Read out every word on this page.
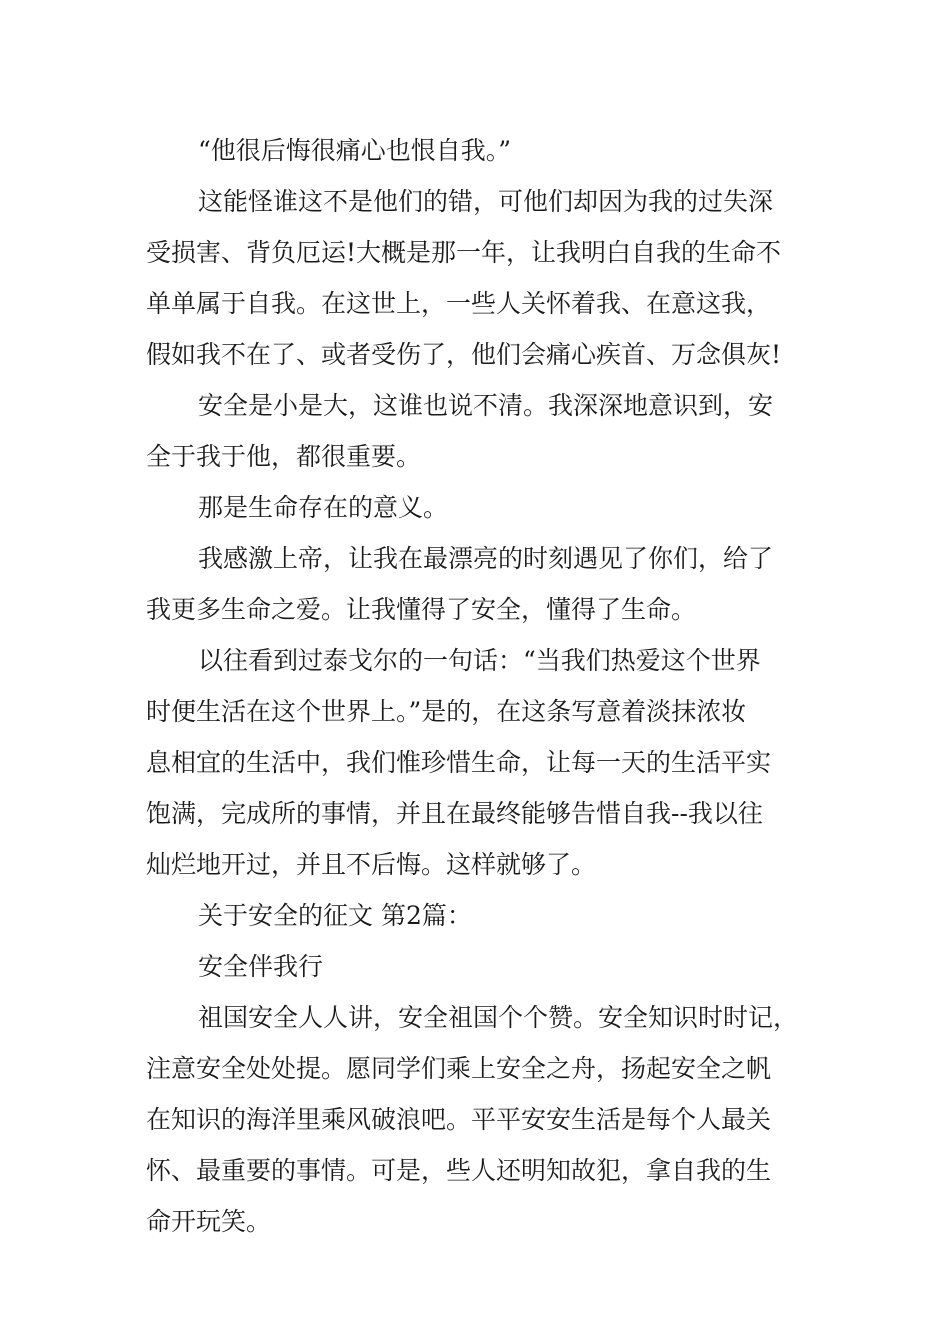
“他很后悔很痛心也恨自我。”
这能怪谁这不是他们的错，可他们却因为我的过失深
受损害、背负厄运!大概是那一年，让我明白自我的生命不
单单属于自我。在这世上，一些人关怀着我、在意这我，
假如我不在了、或者受伤了，他们会痛心疾首、万念俱灰!
安全是小是大，这谁也说不清。我深深地意识到，安
全于我于他，都很重要。
那是生命存在的意义。
我感激上帝，让我在最漂亮的时刻遇见了你们，给了
我更多生命之爱。让我懂得了安全，懂得了生命。
以往看到过泰戈尔的一句话：“当我们热爱这个世界
时便生活在这个世界上。”是的，在这条写意着淡抹浓妆
息相宜的生活中，我们惟珍惜生命，让每一天的生活平实
饱满，完成所的事情，并且在最终能够告惜自我--我以往
灿烂地开过，并且不后悔。这样就够了。
关于安全的征文 第2篇：
安全伴我行
祖国安全人人讲，安全祖国个个赞。安全知识时时记，
注意安全处处提。愿同学们乘上安全之舟，扬起安全之帆
在知识的海洋里乘风破浪吧。平平安安生活是每个人最关
怀、最重要的事情。可是，些人还明知故犯，拿自我的生
命开玩笑。
